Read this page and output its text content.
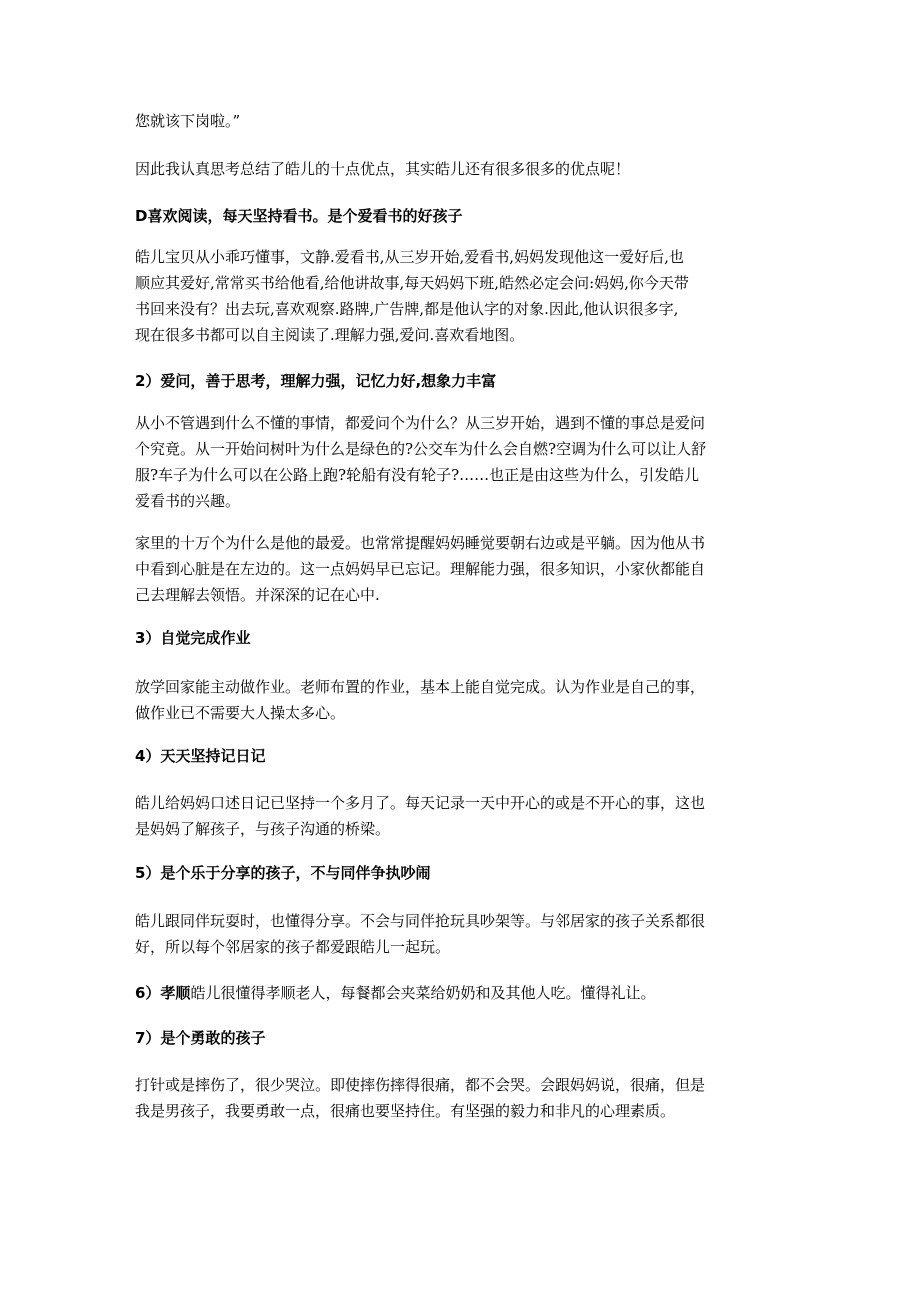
您就该下岗啦。”

因此我认真思考总结了皓儿的十点优点，其实皓儿还有很多很多的优点呢！

D喜欢阅读，每天坚持看书。是个爱看书的好孩子

皓儿宝贝从小乖巧懂事，文静.爱看书,从三岁开始,爱看书,妈妈发现他这一爱好后,也
顺应其爱好,常常买书给他看,给他讲故事,每天妈妈下班,皓然必定会问:妈妈,你今天带
书回来没有？出去玩,喜欢观察.路牌,广告牌,都是他认字的对象.因此,他认识很多字,
现在很多书都可以自主阅读了.理解力强,爱问.喜欢看地图。

2）爱问，善于思考，理解力强，记忆力好,想象力丰富

从小不管遇到什么不懂的事情，都爱问个为什么？从三岁开始，遇到不懂的事总是爱问
个究竟。从一开始问树叶为什么是绿色的?公交车为什么会自燃?空调为什么可以让人舒
服?车子为什么可以在公路上跑?轮船有没有轮子?……也正是由这些为什么，引发皓儿
爱看书的兴趣。

家里的十万个为什么是他的最爱。也常常提醒妈妈睡觉要朝右边或是平躺。因为他从书
中看到心脏是在左边的。这一点妈妈早已忘记。理解能力强，很多知识，小家伙都能自
己去理解去领悟。并深深的记在心中.

3）自觉完成作业

放学回家能主动做作业。老师布置的作业，基本上能自觉完成。认为作业是自己的事，
做作业已不需要大人操太多心。

4）天天坚持记日记

皓儿给妈妈口述日记已坚持一个多月了。每天记录一天中开心的或是不开心的事，这也
是妈妈了解孩子，与孩子沟通的桥梁。

5）是个乐于分享的孩子，不与同伴争执吵闹

皓儿跟同伴玩耍时，也懂得分享。不会与同伴抢玩具吵架等。与邻居家的孩子关系都很
好，所以每个邻居家的孩子都爱跟皓儿一起玩。

6）孝顺皓儿很懂得孝顺老人，每餐都会夹菜给奶奶和及其他人吃。懂得礼让。

7）是个勇敢的孩子

打针或是摔伤了，很少哭泣。即使摔伤摔得很痛，都不会哭。会跟妈妈说，很痛，但是
我是男孩子，我要勇敢一点，很痛也要坚持住。有坚强的毅力和非凡的心理素质。
